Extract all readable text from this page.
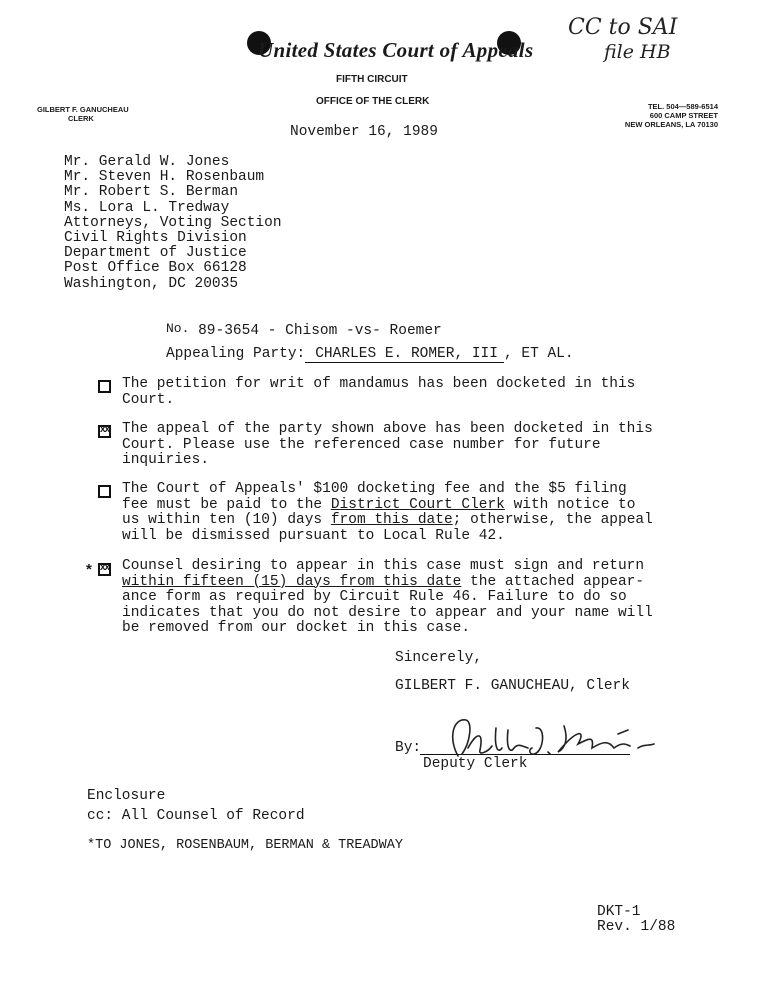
United States Court of Appeals
FIFTH CIRCUIT
OFFICE OF THE CLERK
GILBERT F. GANUCHEAU
CLERK
TEL. 504—589-6514
600 CAMP STREET
NEW ORLEANS, LA 70130
CC to SAI
file HB
November 16, 1989
Mr. Gerald W. Jones
Mr. Steven H. Rosenbaum
Mr. Robert S. Berman
Ms. Lora L. Tredway
Attorneys, Voting Section
Civil Rights Division
Department of Justice
Post Office Box 66128
Washington, DC 20035
No. 89-3654 - Chisom -vs- Roemer
Appealing Party: CHARLES E. ROMER, III , ET AL.
The petition for writ of mandamus has been docketed in this
Court.
xx
The appeal of the party shown above has been docketed in this
Court. Please use the referenced case number for future
inquiries.
The Court of Appeals' $100 docketing fee and the $5 filing
fee must be paid to the District Court Clerk with notice to
us within ten (10) days from this date; otherwise, the appeal
will be dismissed pursuant to Local Rule 42.
*
xx Counsel desiring to appear in this case must sign and return
within fifteen (15) days from this date the attached appear-
ance form as required by Circuit Rule 46. Failure to do so
indicates that you do not desire to appear and your name will
be removed from our docket in this case.
Sincerely,
GILBERT F. GANUCHEAU, Clerk
By:
Deputy Clerk
Enclosure
cc: All Counsel of Record
*TO JONES, ROSENBAUM, BERMAN & TREADWAY
DKT-1
Rev. 1/88
